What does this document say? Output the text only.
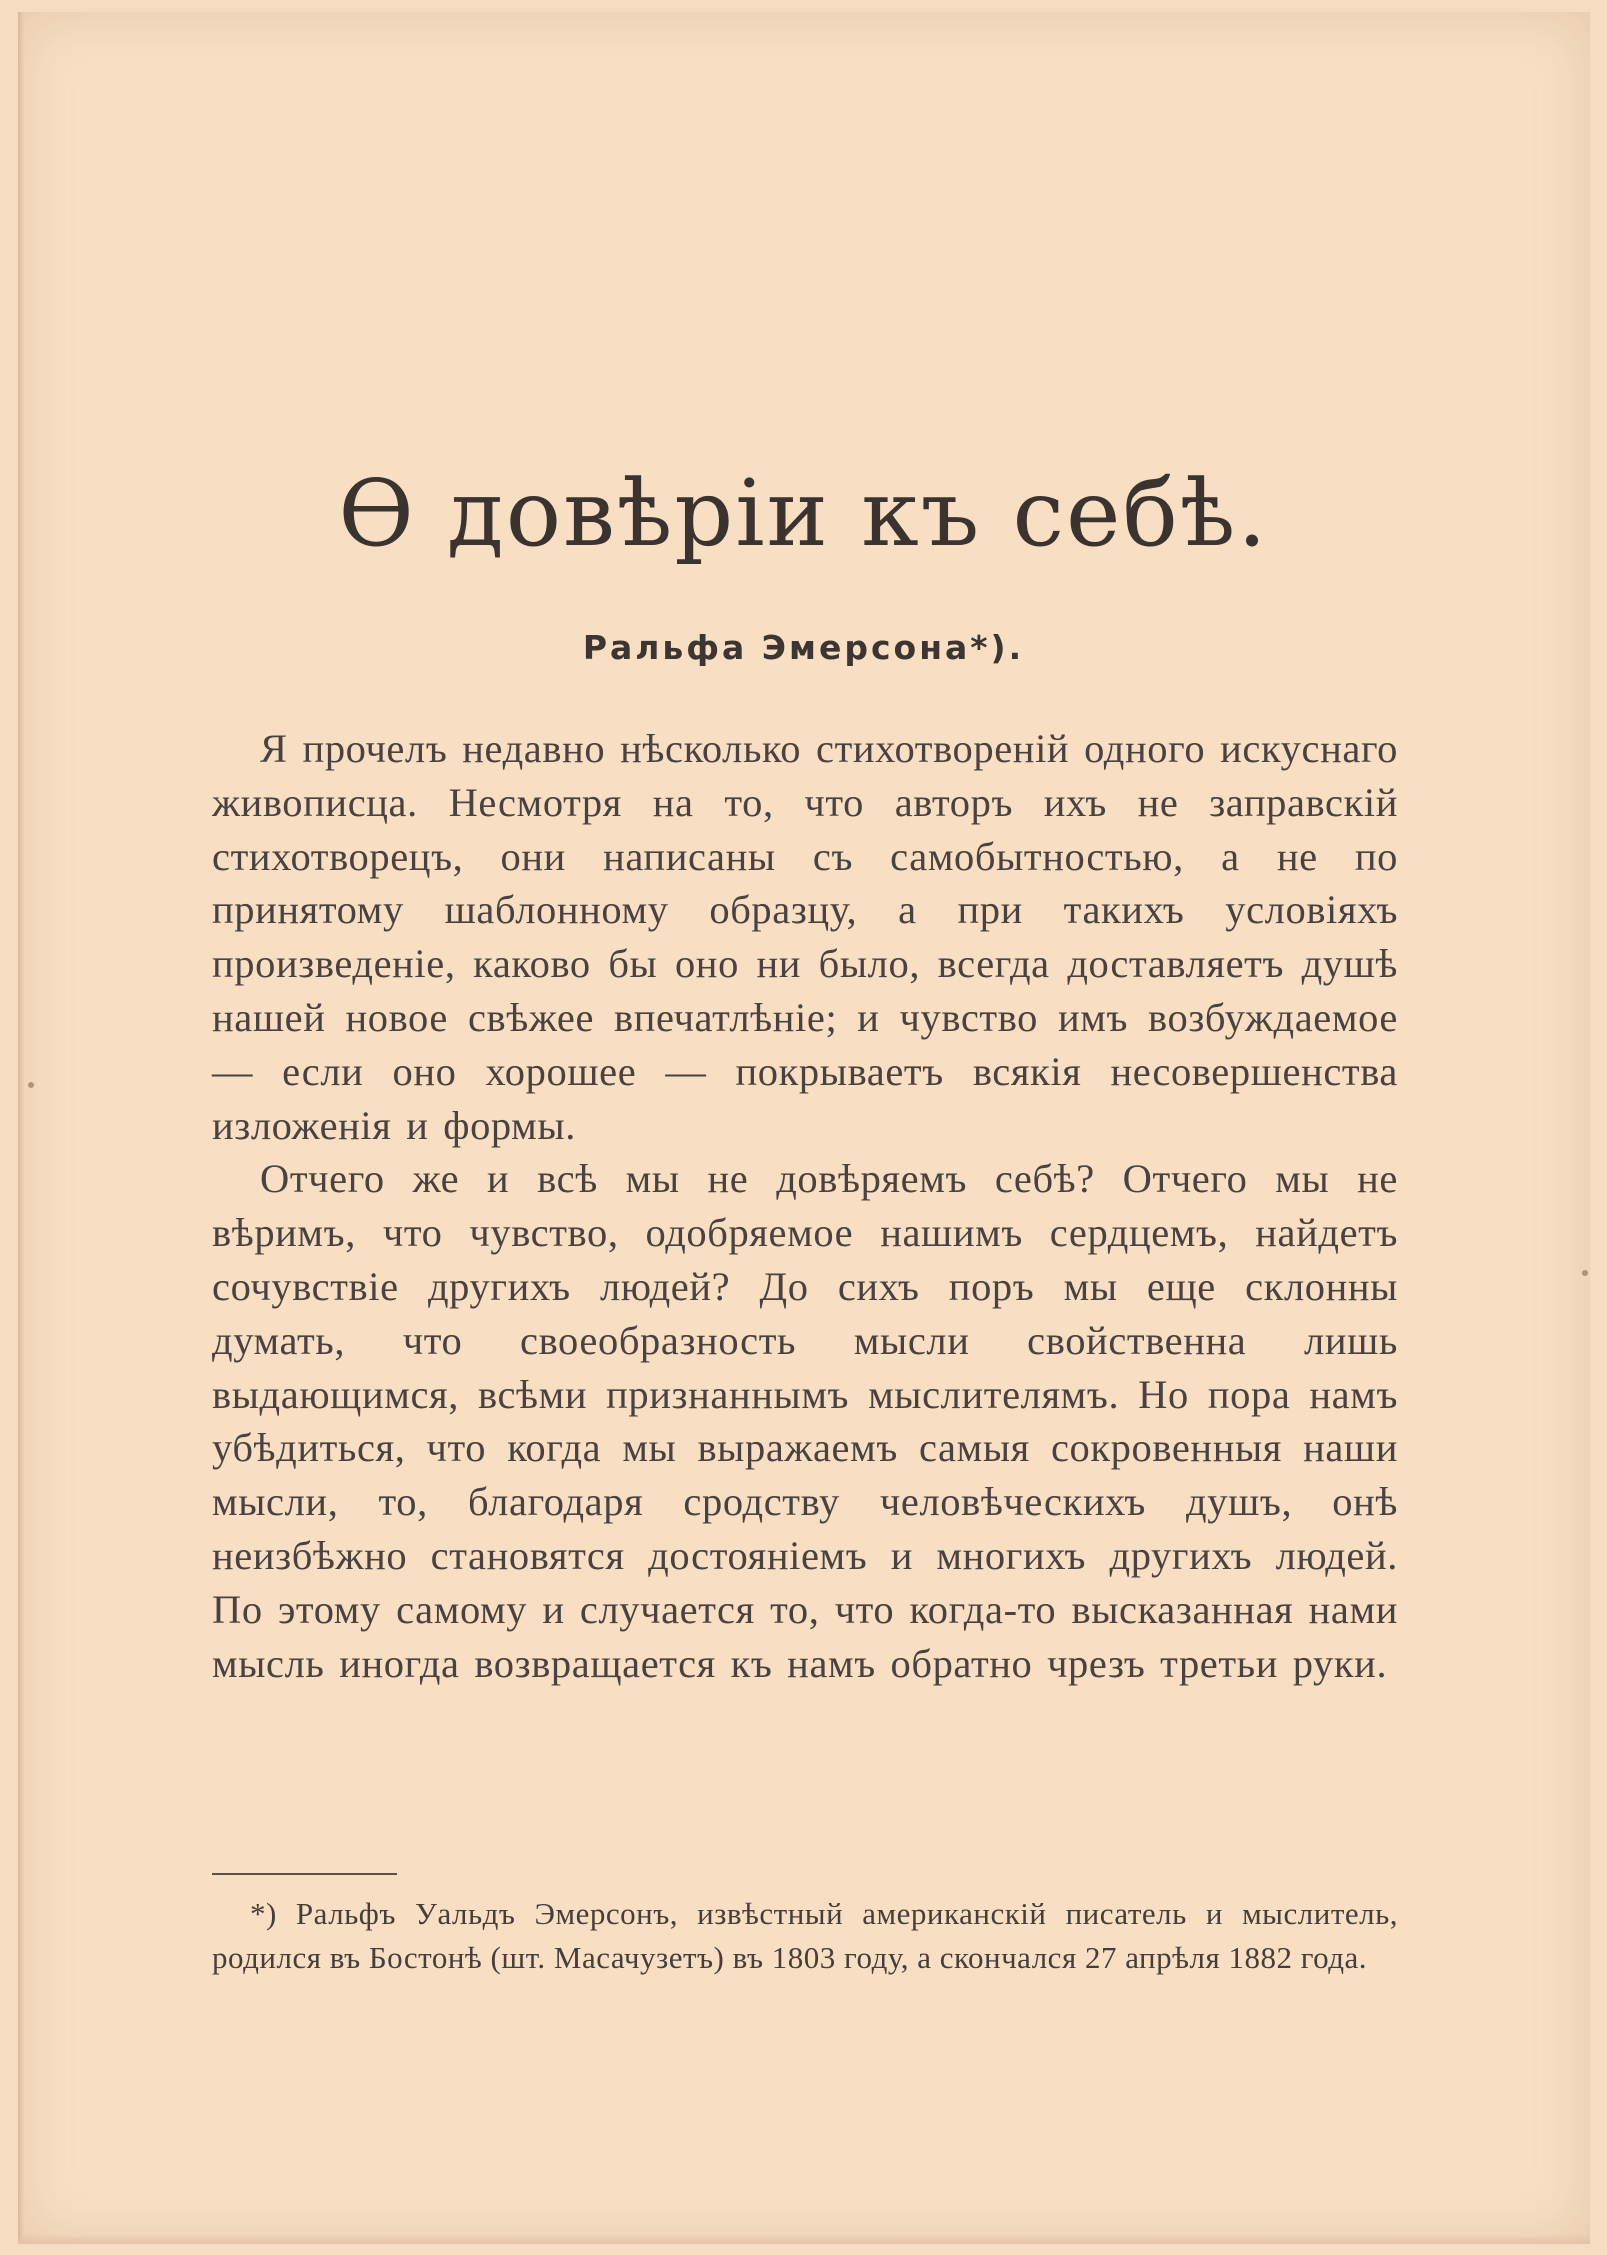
Ѳ довѣріи къ себѣ.
Ральфа Эмерсона*).

Я прочелъ недавно нѣсколько стихотвореній одного искуснаго живописца. Несмотря на то, что авторъ ихъ не заправскій стихотворецъ, они написаны съ самобытностью, а не по принятому шаблонному образцу, а при такихъ условіяхъ произведеніе, каково бы оно ни было, всегда доставляетъ душѣ нашей новое свѣжее впечатлѣніе; и чувство имъ возбуждаемое — если оно хорошее — покрываетъ всякія несовершенства изложенія и формы.

Отчего же и всѣ мы не довѣряемъ себѣ? Отчего мы не вѣримъ, что чувство, одобряемое нашимъ сердцемъ, найдетъ сочувствіе другихъ людей? До сихъ поръ мы еще склонны думать, что своеобразность мысли свойственна лишь выдающимся, всѣми признаннымъ мыслителямъ. Но пора намъ убѣдиться, что когда мы выражаемъ самыя сокровенныя наши мысли, то, благодаря сродству человѣческихъ душъ, онѣ неизбѣжно становятся достояніемъ и многихъ другихъ людей. По этому самому и случается то, что когда-то высказанная нами мысль иногда возвращается къ намъ обратно чрезъ третьи руки.

*) Ральфъ Уальдъ Эмерсонъ, извѣстный американскій писатель и мыслитель, родился въ Бостонѣ (шт. Масачузетъ) въ 1803 году, а скончался 27 апрѣля 1882 года.
